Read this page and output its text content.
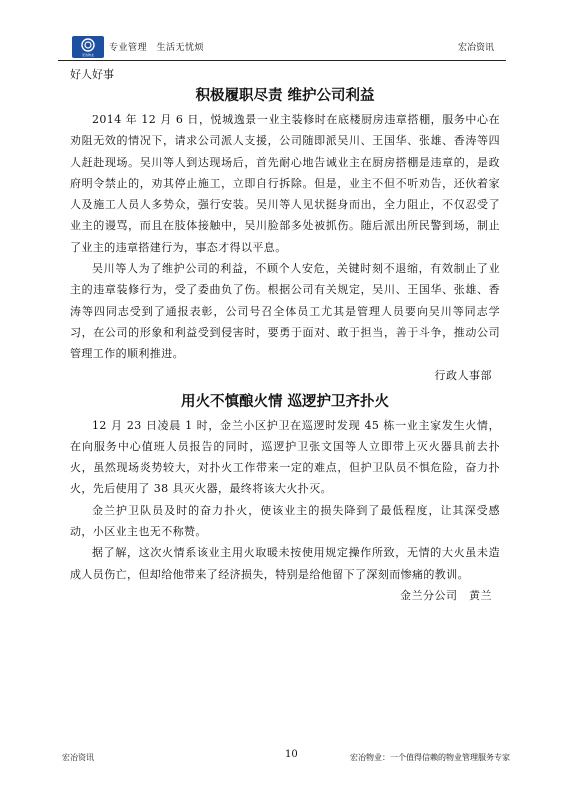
宏冶物业
专业管理　生活无忧烦	宏冶资讯
好人好事
积极履职尽责 维护公司利益

2014 年 12 月 6 日，悦城逸景一业主装修时在底楼厨房违章搭棚，服务中心在劝阻无效的情况下，请求公司派人支援，公司随即派吴川、王国华、张雄、香涛等四人赶赴现场。吴川等人到达现场后，首先耐心地告诫业主在厨房搭棚是违章的，是政府明令禁止的，劝其停止施工，立即自行拆除。但是，业主不但不听劝告，还伙着家人及施工人员人多势众，强行安装。吴川等人见状挺身而出，全力阻止，不仅忍受了业主的谩骂，而且在肢体接触中，吴川脸部多处被抓伤。随后派出所民警到场，制止了业主的违章搭建行为，事态才得以平息。

吴川等人为了维护公司的利益，不顾个人安危，关键时刻不退缩，有效制止了业主的违章装修行为，受了委曲负了伤。根据公司有关规定，吴川、王国华、张雄、香涛等四同志受到了通报表彰，公司号召全体员工尤其是管理人员要向吴川等同志学习，在公司的形象和利益受到侵害时，要勇于面对、敢于担当，善于斗争，推动公司管理工作的顺利推进。

行政人事部

用火不慎酿火情 巡逻护卫齐扑火

12 月 23 日凌晨 1 时，金兰小区护卫在巡逻时发现 45 栋一业主家发生火情，在向服务中心值班人员报告的同时，巡逻护卫张文国等人立即带上灭火器具前去扑火，虽然现场炎势较大，对扑火工作带来一定的难点，但护卫队员不惧危险，奋力扑火，先后使用了 38 具灭火器，最终将该大火扑灭。

金兰护卫队员及时的奋力扑火，使该业主的损失降到了最低程度，让其深受感动，小区业主也无不称赞。

据了解，这次火情系该业主用火取暖未按使用规定操作所致，无情的大火虽未造成人员伤亡，但却给他带来了经济损失，特别是给他留下了深刻而惨痛的教训。

金兰分公司　黄兰

宏冶资讯	10	宏冶物业：一个值得信赖的物业管理服务专家
